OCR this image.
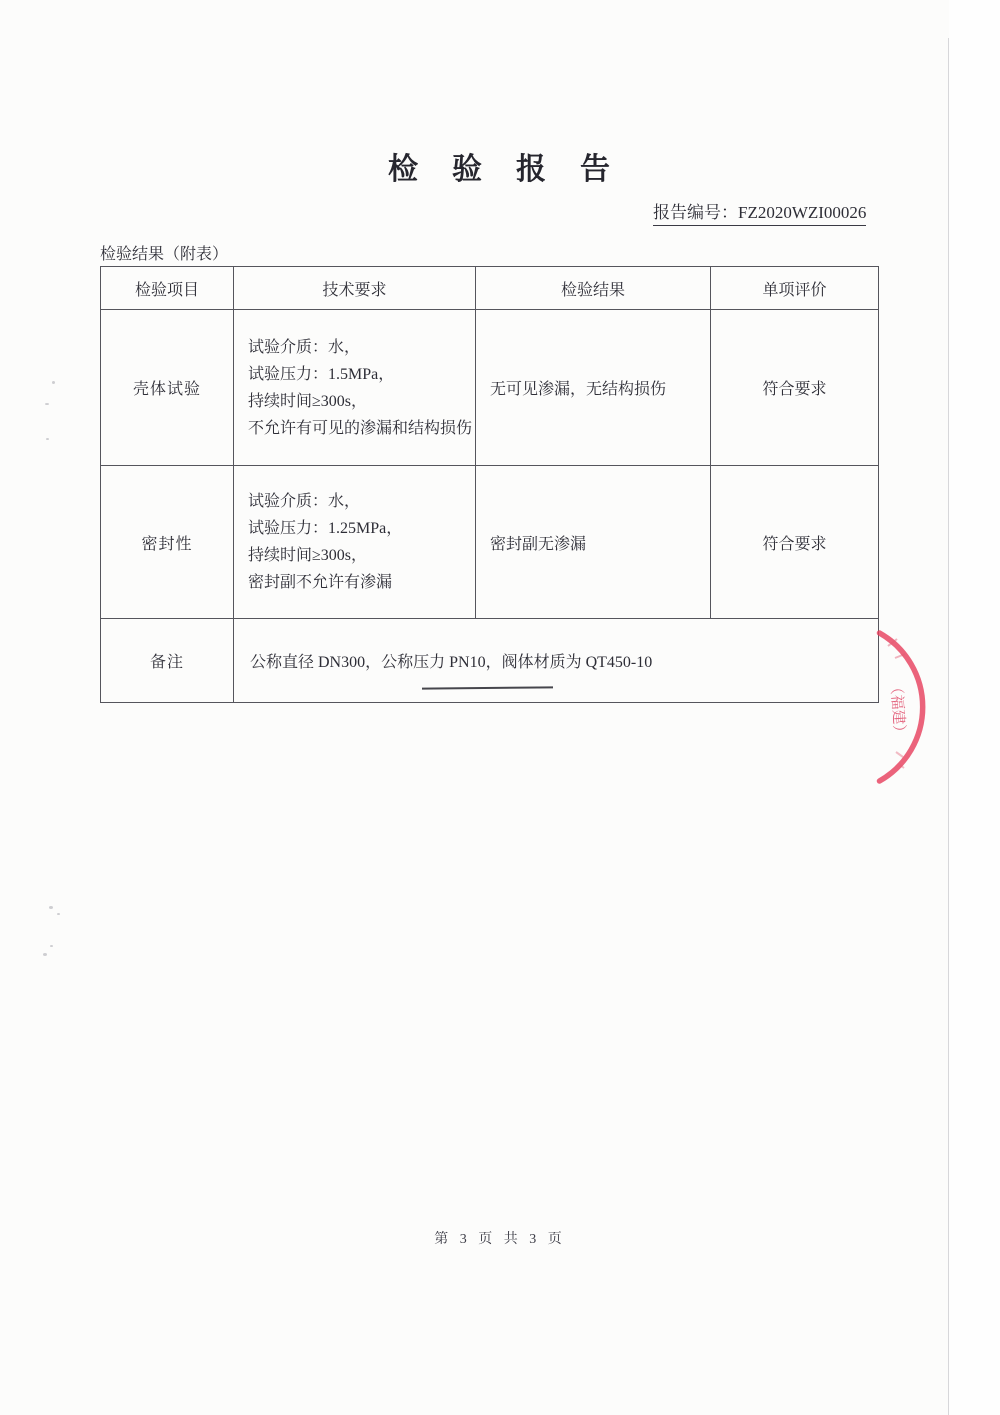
检　验　报　告
报告编号：FZ2020WZI00026
检验结果（附表）
检验项目	技术要求	检验结果	单项评价
壳体试验	试验介质：水，
试验压力：1.5MPa，
持续时间≥300s，
不允许有可见的渗漏和结构损伤	无可见渗漏，无结构损伤	符合要求
密封性	试验介质：水，
试验压力：1.25MPa，
持续时间≥300s，
密封副不允许有渗漏	密封副无渗漏	符合要求
备注	公称直径 DN300，公称压力 PN10，阀体材质为 QT450-10		
（福建）
第 3 页 共 3 页
